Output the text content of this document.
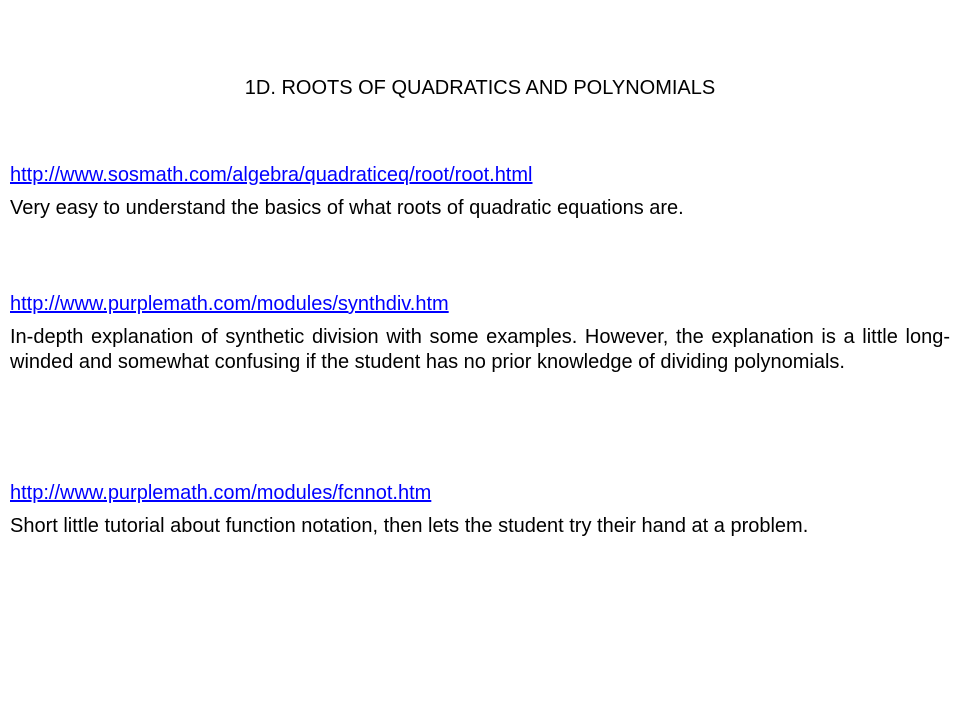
1D. ROOTS OF QUADRATICS AND POLYNOMIALS
http://www.sosmath.com/algebra/quadraticeq/root/root.html
Very easy to understand the basics of what roots of quadratic equations are.
http://www.purplemath.com/modules/synthdiv.htm
In-depth explanation of synthetic division with some examples. However, the explanation is a little long-winded and somewhat confusing if the student has no prior knowledge of dividing polynomials.
http://www.purplemath.com/modules/fcnnot.htm
Short little tutorial about function notation, then lets the student try their hand at a problem.
